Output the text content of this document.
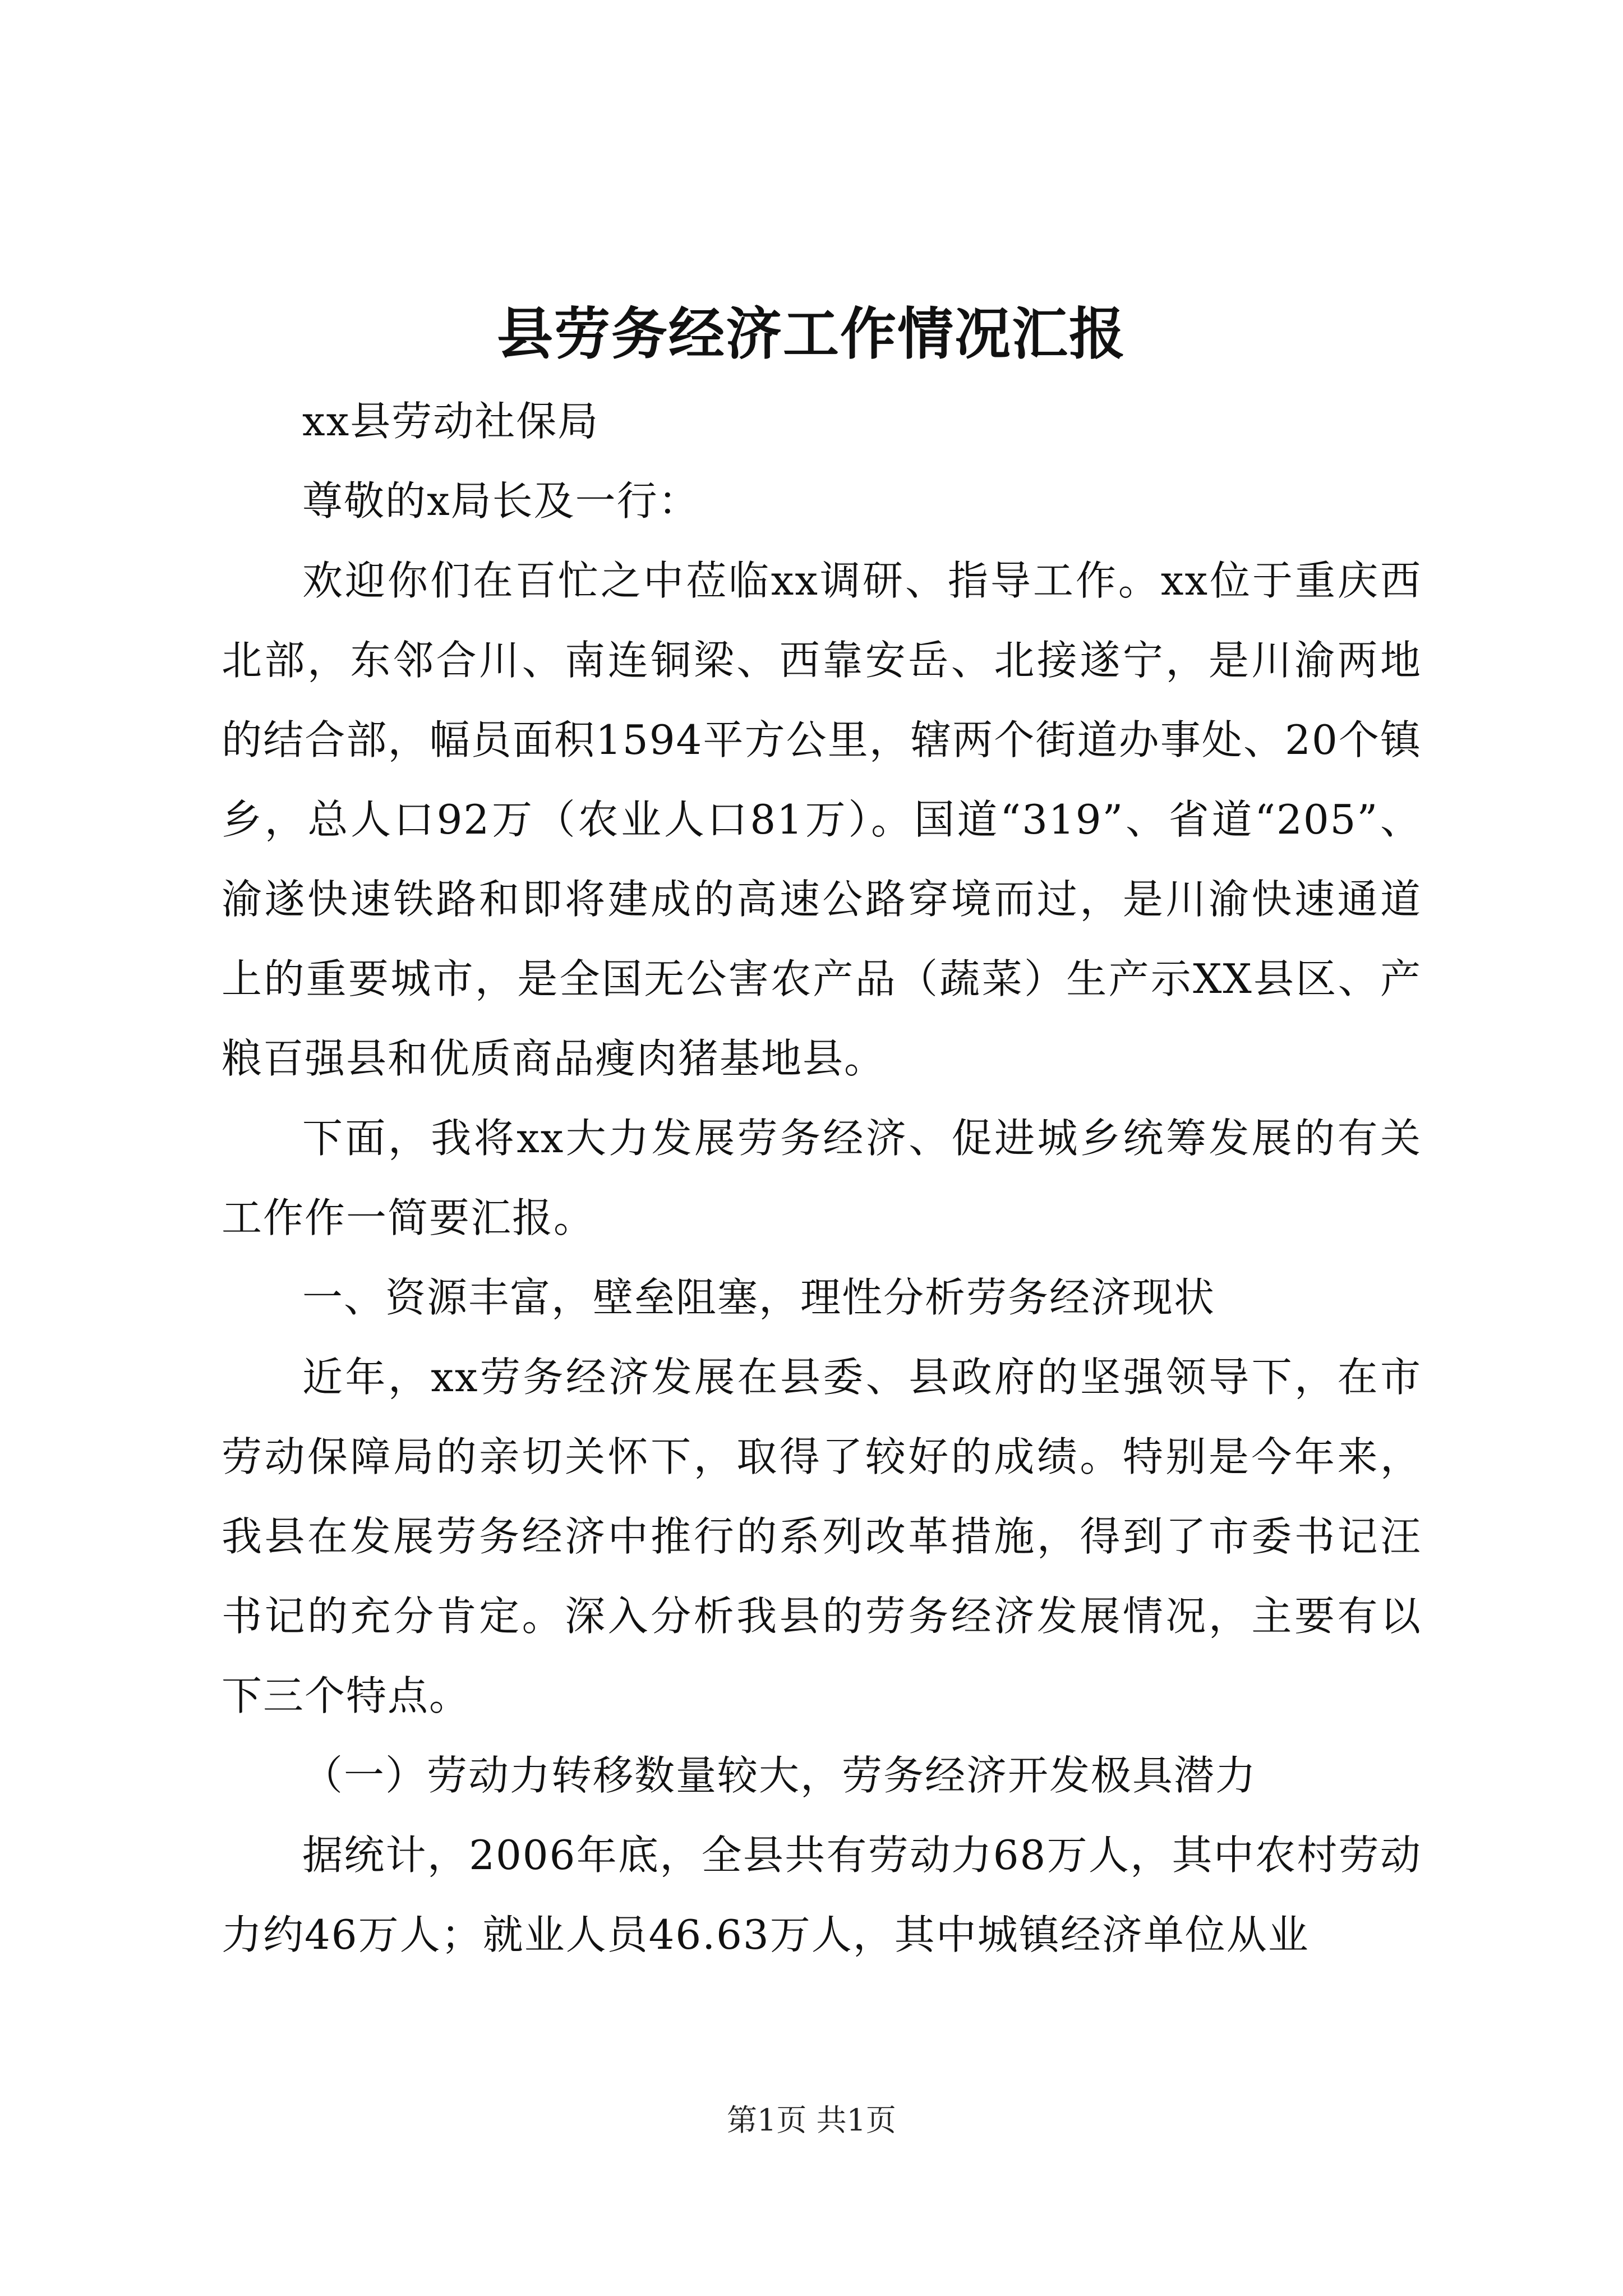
县劳务经济工作情况汇报

xx县劳动社保局

尊敬的x局长及一行：

欢迎你们在百忙之中莅临xx调研、指导工作。xx位于重庆西北部，东邻合川、南连铜梁、西靠安岳、北接遂宁，是川渝两地的结合部，幅员面积1594平方公里，辖两个街道办事处、20个镇乡，总人口92万（农业人口81万）。国道“319”、省道“205”、渝遂快速铁路和即将建成的高速公路穿境而过，是川渝快速通道上的重要城市，是全国无公害农产品（蔬菜）生产示XX县区、产粮百强县和优质商品瘦肉猪基地县。

下面，我将xx大力发展劳务经济、促进城乡统筹发展的有关工作作一简要汇报。

一、资源丰富，壁垒阻塞，理性分析劳务经济现状

近年，xx劳务经济发展在县委、县政府的坚强领导下，在市劳动保障局的亲切关怀下，取得了较好的成绩。特别是今年来，我县在发展劳务经济中推行的系列改革措施，得到了市委书记汪书记的充分肯定。深入分析我县的劳务经济发展情况，主要有以下三个特点。

（一）劳动力转移数量较大，劳务经济开发极具潜力

据统计，2006年底，全县共有劳动力68万人，其中农村劳动力约46万人；就业人员46.63万人，其中城镇经济单位从业

第1页 共1页
